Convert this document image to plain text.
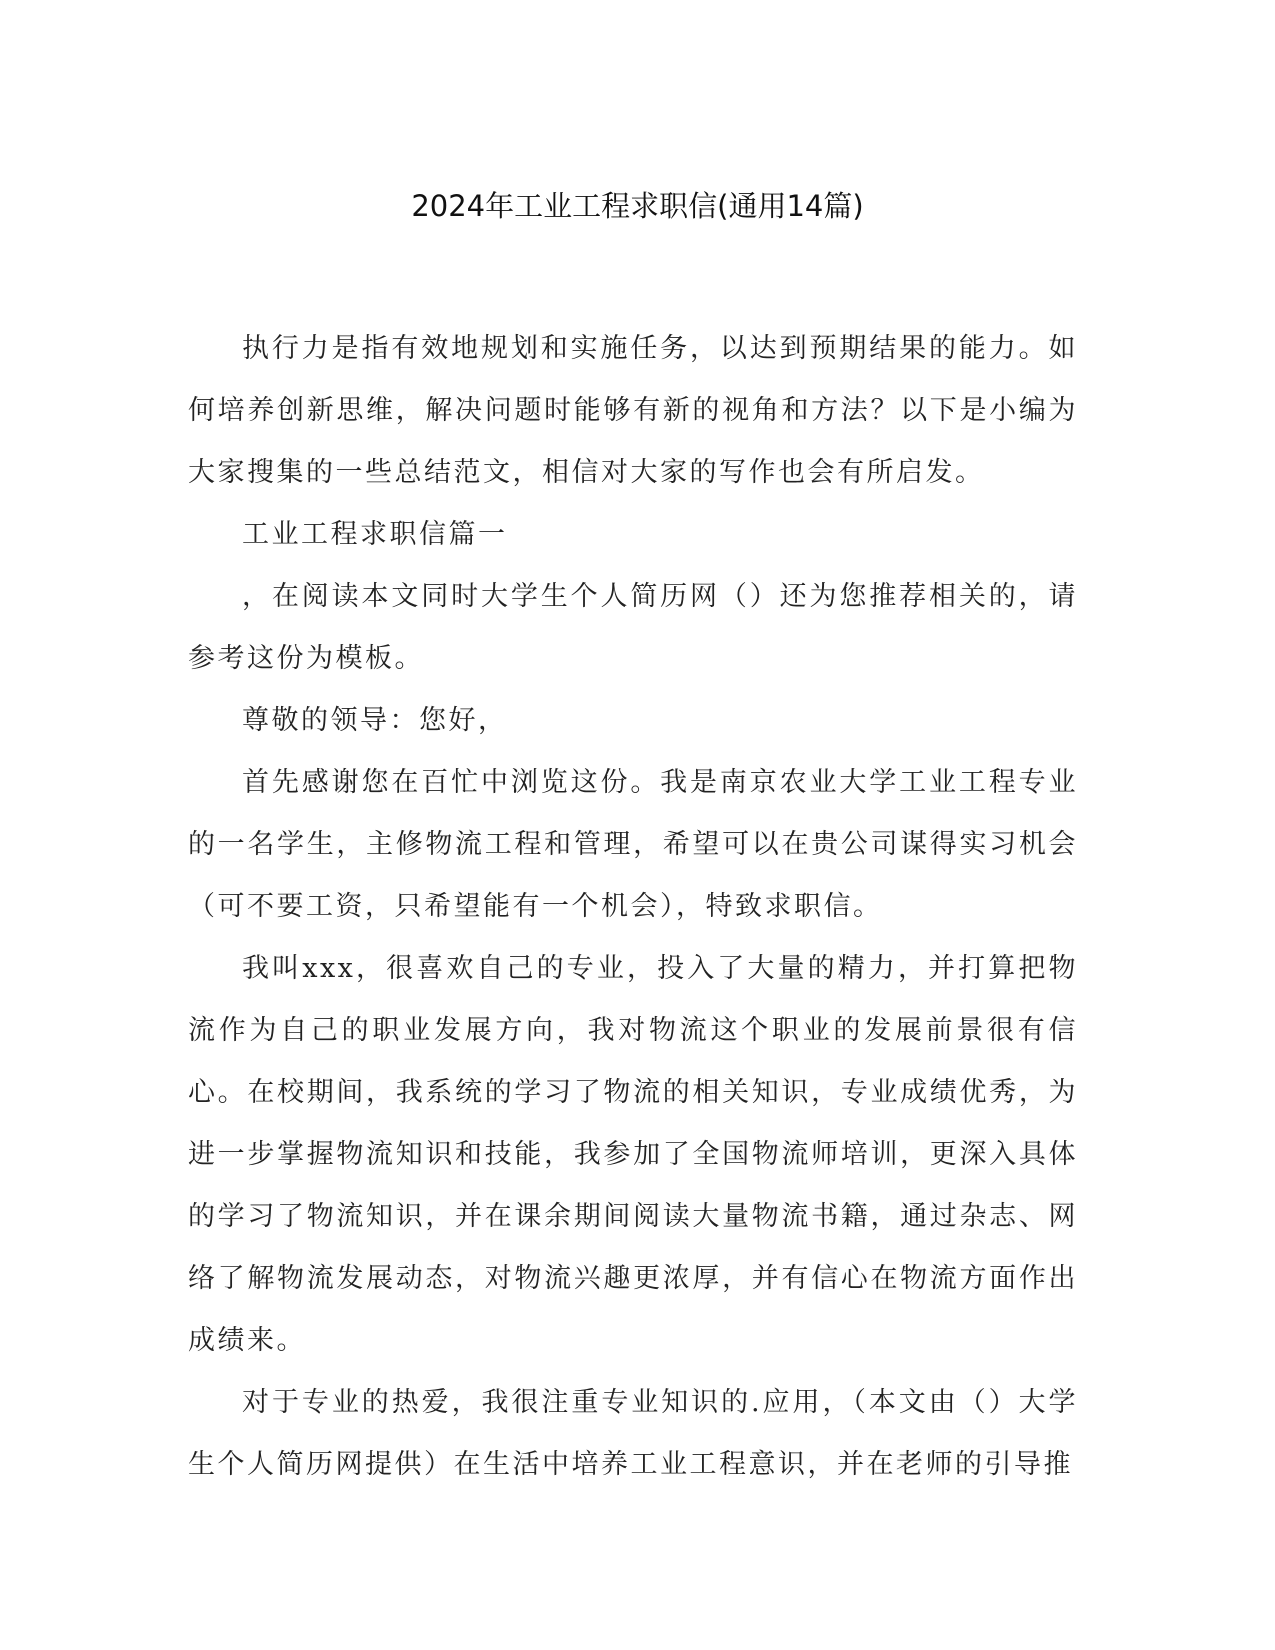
2024年工业工程求职信(通用14篇)

执行力是指有效地规划和实施任务，以达到预期结果的能力。如何培养创新思维，解决问题时能够有新的视角和方法？以下是小编为大家搜集的一些总结范文，相信对大家的写作也会有所启发。

工业工程求职信篇一

，在阅读本文同时大学生个人简历网（）还为您推荐相关的，请参考这份为模板。

尊敬的领导：您好，

首先感谢您在百忙中浏览这份。我是南京农业大学工业工程专业的一名学生，主修物流工程和管理，希望可以在贵公司谋得实习机会（可不要工资，只希望能有一个机会），特致求职信。

我叫xxx，很喜欢自己的专业，投入了大量的精力，并打算把物流作为自己的职业发展方向，我对物流这个职业的发展前景很有信心。在校期间，我系统的学习了物流的相关知识，专业成绩优秀，为进一步掌握物流知识和技能，我参加了全国物流师培训，更深入具体的学习了物流知识，并在课余期间阅读大量物流书籍，通过杂志、网络了解物流发展动态，对物流兴趣更浓厚，并有信心在物流方面作出成绩来。

对于专业的热爱，我很注重专业知识的.应用，（本文由（）大学生个人简历网提供）在生活中培养工业工程意识，并在老师的引导推
